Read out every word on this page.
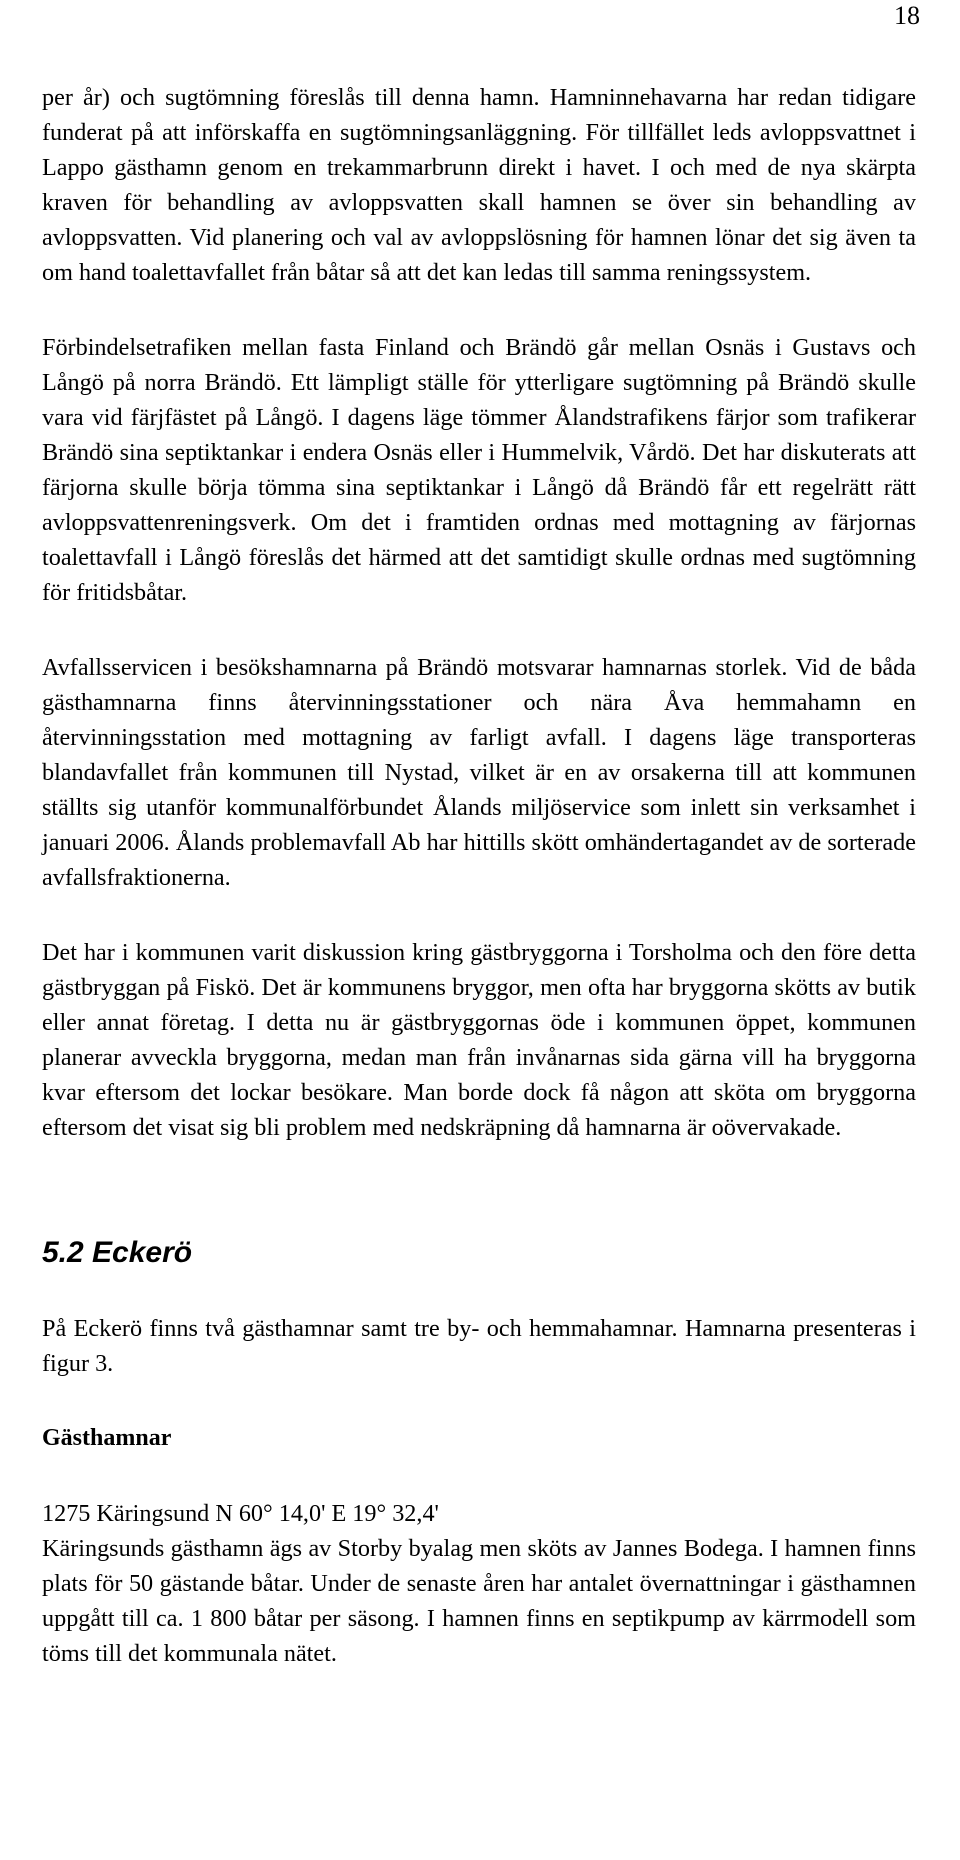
18

per år) och sugtömning föreslås till denna hamn. Hamninnehavarna har redan tidigare funderat på att införskaffa en sugtömningsanläggning. För tillfället leds avloppsvattnet i Lappo gästhamn genom en trekammarbrunn direkt i havet. I och med de nya skärpta kraven för behandling av avloppsvatten skall hamnen se över sin behandling av avloppsvatten. Vid planering och val av avloppslösning för hamnen lönar det sig även ta om hand toalettavfallet från båtar så att det kan ledas till samma reningssystem.

Förbindelsetrafiken mellan fasta Finland och Brändö går mellan Osnäs i Gustavs och Långö på norra Brändö. Ett lämpligt ställe för ytterligare sugtömning på Brändö skulle vara vid färjfästet på Långö. I dagens läge tömmer Ålandstrafikens färjor som trafikerar Brändö sina septiktankar i endera Osnäs eller i Hummelvik, Vårdö. Det har diskuterats att färjorna skulle börja tömma sina septiktankar i Långö då Brändö får ett regelrätt rätt avloppsvattenreningsverk. Om det i framtiden ordnas med mottagning av färjornas toalettavfall i Långö föreslås det härmed att det samtidigt skulle ordnas med sugtömning för fritidsbåtar.

Avfallsservicen i besökshamnarna på Brändö motsvarar hamnarnas storlek. Vid de båda gästhamnarna finns återvinningsstationer och nära Åva hemmahamn en återvinningsstation med mottagning av farligt avfall. I dagens läge transporteras blandavfallet från kommunen till Nystad, vilket är en av orsakerna till att kommunen ställts sig utanför kommunalförbundet Ålands miljöservice som inlett sin verksamhet i januari 2006. Ålands problemavfall Ab har hittills skött omhändertagandet av de sorterade avfallsfraktionerna.

Det har i kommunen varit diskussion kring gästbryggorna i Torsholma och den före detta gästbryggan på Fiskö. Det är kommunens bryggor, men ofta har bryggorna skötts av butik eller annat företag. I detta nu är gästbryggornas öde i kommunen öppet, kommunen planerar avveckla bryggorna, medan man från invånarnas sida gärna vill ha bryggorna kvar eftersom det lockar besökare. Man borde dock få någon att sköta om bryggorna eftersom det visat sig bli problem med nedskräpning då hamnarna är oövervakade.

5.2 Eckerö

På Eckerö finns två gästhamnar samt tre by- och hemmahamnar. Hamnarna presenteras i figur 3.

Gästhamnar
1275 Käringsund N 60° 14,0' E 19° 32,4'
Käringsunds gästhamn ägs av Storby byalag men sköts av Jannes Bodega. I hamnen finns plats för 50 gästande båtar. Under de senaste åren har antalet övernattningar i gästhamnen uppgått till ca. 1 800 båtar per säsong. I hamnen finns en septikpump av kärrmodell som töms till det kommunala nätet.
